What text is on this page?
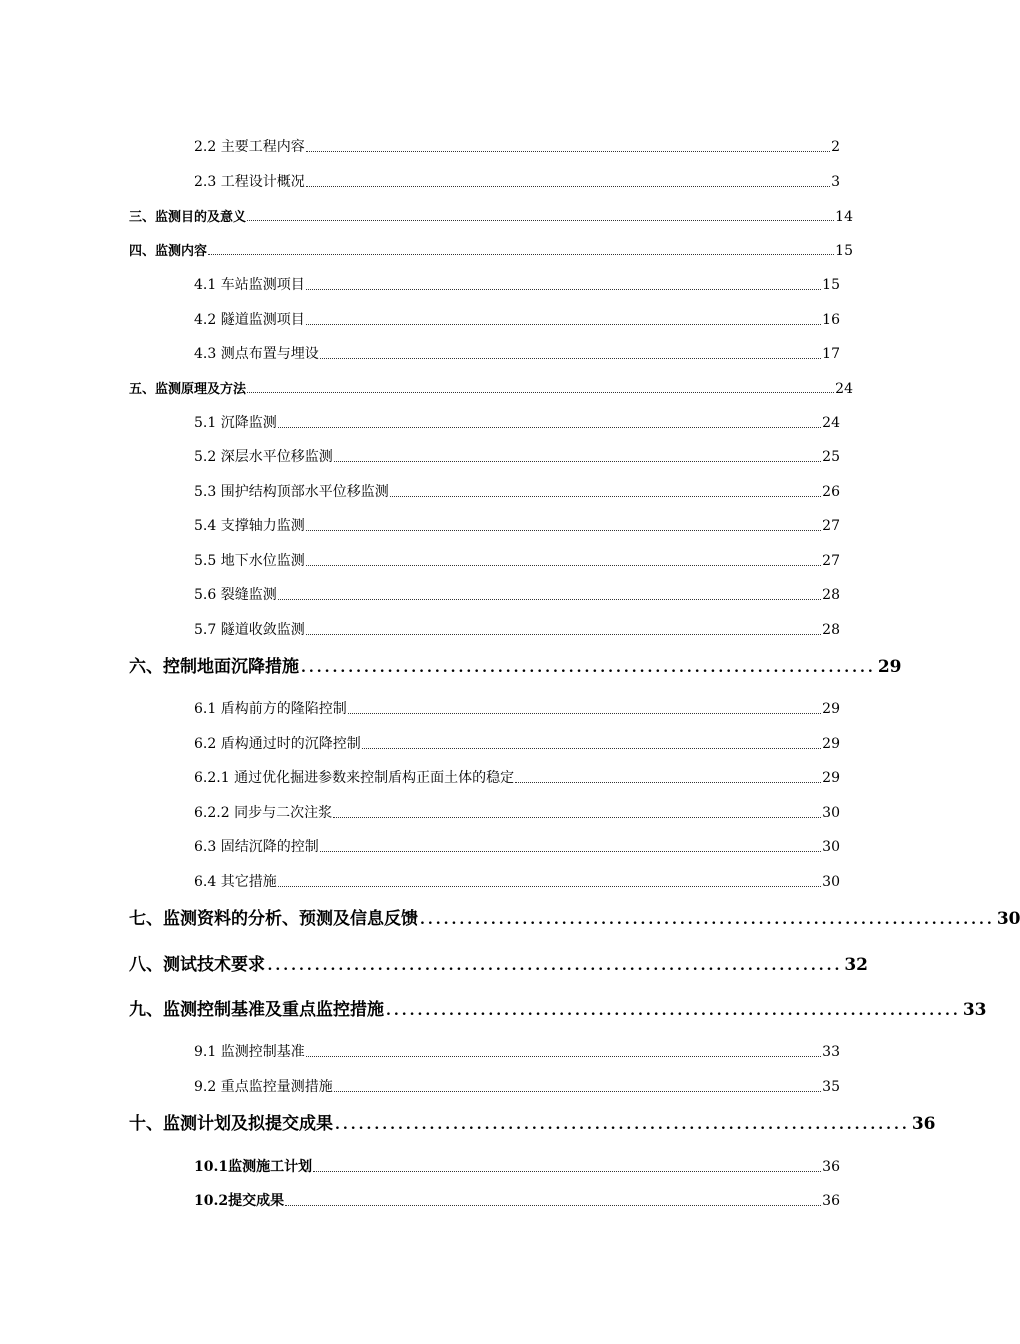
2.2 主要工程内容	2
2.3 工程设计概况	3
三、监测目的及意义	14
四、监测内容	15
4.1 车站监测项目	15
4.2 隧道监测项目	16
4.3 测点布置与埋设	17
五、监测原理及方法	24
5.1 沉降监测	24
5.2 深层水平位移监测	25
5.3 围护结构顶部水平位移监测	26
5.4 支撑轴力监测	27
5.5 地下水位监测	27
5.6 裂缝监测	28
5.7 隧道收敛监测	28
六、控制地面沉降措施 ......................................................................... 29
6.1 盾构前方的隆陷控制	29
6.2 盾构通过时的沉降控制	29
6.2.1 通过优化掘进参数来控制盾构正面土体的稳定	29
6.2.2 同步与二次注浆	30
6.3 固结沉降的控制	30
6.4 其它措施	30
七、监测资料的分析、预测及信息反馈 ......................................................................... 30
八、测试技术要求 ......................................................................... 32
九、监测控制基准及重点监控措施 ......................................................................... 33
9.1 监测控制基准	33
9.2 重点监控量测措施	35
十、监测计划及拟提交成果 ......................................................................... 36
10.1监测施工计划	36
10.2提交成果	36
